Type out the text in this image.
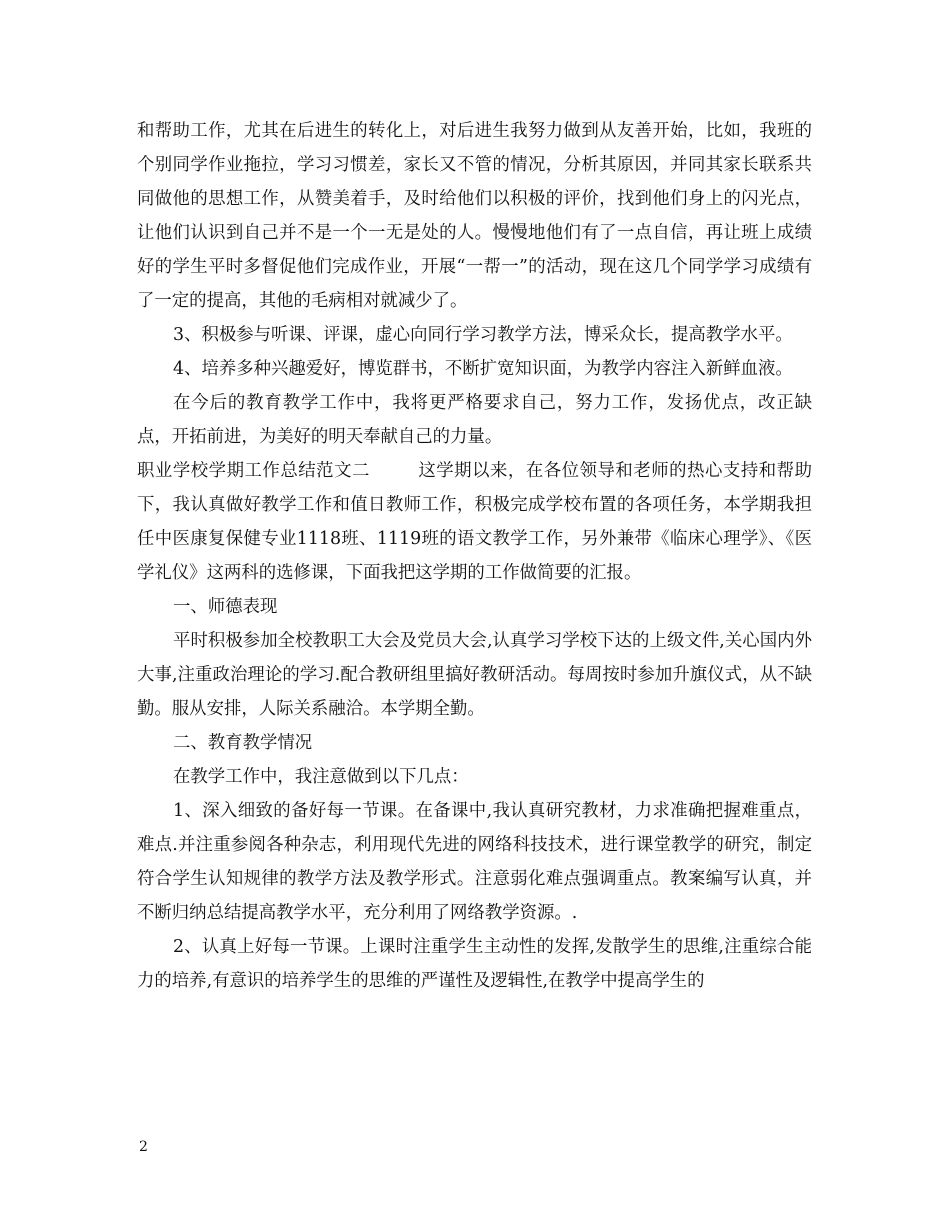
和帮助工作，尤其在后进生的转化上，对后进生我努力做到从友善开始，比如，我班的个别同学作业拖拉，学习习惯差，家长又不管的情况，分析其原因，并同其家长联系共同做他的思想工作，从赞美着手，及时给他们以积极的评价，找到他们身上的闪光点，让他们认识到自己并不是一个一无是处的人。慢慢地他们有了一点自信，再让班上成绩好的学生平时多督促他们完成作业，开展“一帮一”的活动，现在这几个同学学习成绩有了一定的提高，其他的毛病相对就减少了。

3、积极参与听课、评课，虚心向同行学习教学方法，博采众长，提高教学水平。

4、培养多种兴趣爱好，博览群书，不断扩宽知识面，为教学内容注入新鲜血液。

在今后的教育教学工作中，我将更严格要求自己，努力工作，发扬优点，改正缺点，开拓前进，为美好的明天奉献自己的力量。

职业学校学期工作总结范文二        这学期以来，在各位领导和老师的热心支持和帮助下，我认真做好教学工作和值日教师工作，积极完成学校布置的各项任务，本学期我担任中医康复保健专业1118班、1119班的语文教学工作，另外兼带《临床心理学》、《医学礼仪》这两科的选修课，下面我把这学期的工作做简要的汇报。

一、师德表现

平时积极参加全校教职工大会及党员大会,认真学习学校下达的上级文件,关心国内外大事,注重政治理论的学习.配合教研组里搞好教研活动。每周按时参加升旗仪式，从不缺勤。服从安排，人际关系融洽。本学期全勤。

二、教育教学情况

在教学工作中，我注意做到以下几点：

1、深入细致的备好每一节课。在备课中,我认真研究教材，力求准确把握难重点，难点.并注重参阅各种杂志，利用现代先进的网络科技技术，进行课堂教学的研究，制定符合学生认知规律的教学方法及教学形式。注意弱化难点强调重点。教案编写认真，并不断归纳总结提高教学水平，充分利用了网络教学资源。.

2、认真上好每一节课。上课时注重学生主动性的发挥,发散学生的思维,注重综合能力的培养,有意识的培养学生的思维的严谨性及逻辑性,在教学中提高学生的

2
